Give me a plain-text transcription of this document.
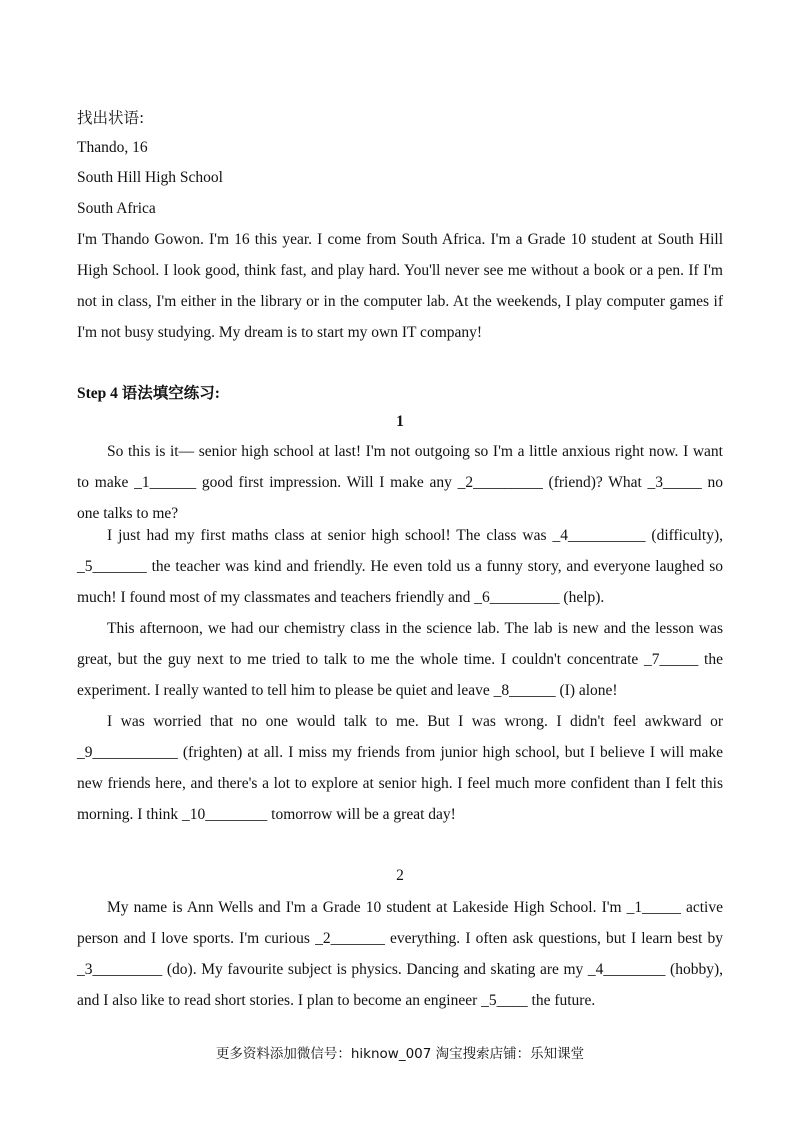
找出状语:
Thando, 16
South Hill High School
South Africa
I'm Thando Gowon. I'm 16 this year. I come from South Africa. I'm a Grade 10 student at South Hill High School. I look good, think fast, and play hard. You'll never see me without a book or a pen. If I'm not in class, I'm either in the library or in the computer lab. At the weekends, I play computer games if I'm not busy studying. My dream is to start my own IT company!
Step 4 语法填空练习:
1
So this is it— senior high school at last! I'm not outgoing so I'm a little anxious right now. I want to make _1______ good first impression. Will I make any _2_________ (friend)? What _3_____ no one talks to me?
I just had my first maths class at senior high school! The class was _4__________ (difficulty), _5_______ the teacher was kind and friendly. He even told us a funny story, and everyone laughed so much! I found most of my classmates and teachers friendly and _6_________ (help).
This afternoon, we had our chemistry class in the science lab. The lab is new and the lesson was great, but the guy next to me tried to talk to me the whole time. I couldn't concentrate _7_____ the experiment. I really wanted to tell him to please be quiet and leave _8______ (I) alone!
I was worried that no one would talk to me. But I was wrong. I didn't feel awkward or _9___________ (frighten) at all. I miss my friends from junior high school, but I believe I will make new friends here, and there's a lot to explore at senior high. I feel much more confident than I felt this morning. I think _10________ tomorrow will be a great day!
2
My name is Ann Wells and I'm a Grade 10 student at Lakeside High School. I'm _1_____ active person and I love sports. I'm curious _2_______ everything. I often ask questions, but I learn best by _3_________ (do). My favourite subject is physics. Dancing and skating are my _4________ (hobby), and I also like to read short stories. I plan to become an engineer _5____ the future.
更多资料添加微信号：hiknow_007 淘宝搜索店铺：乐知课堂
